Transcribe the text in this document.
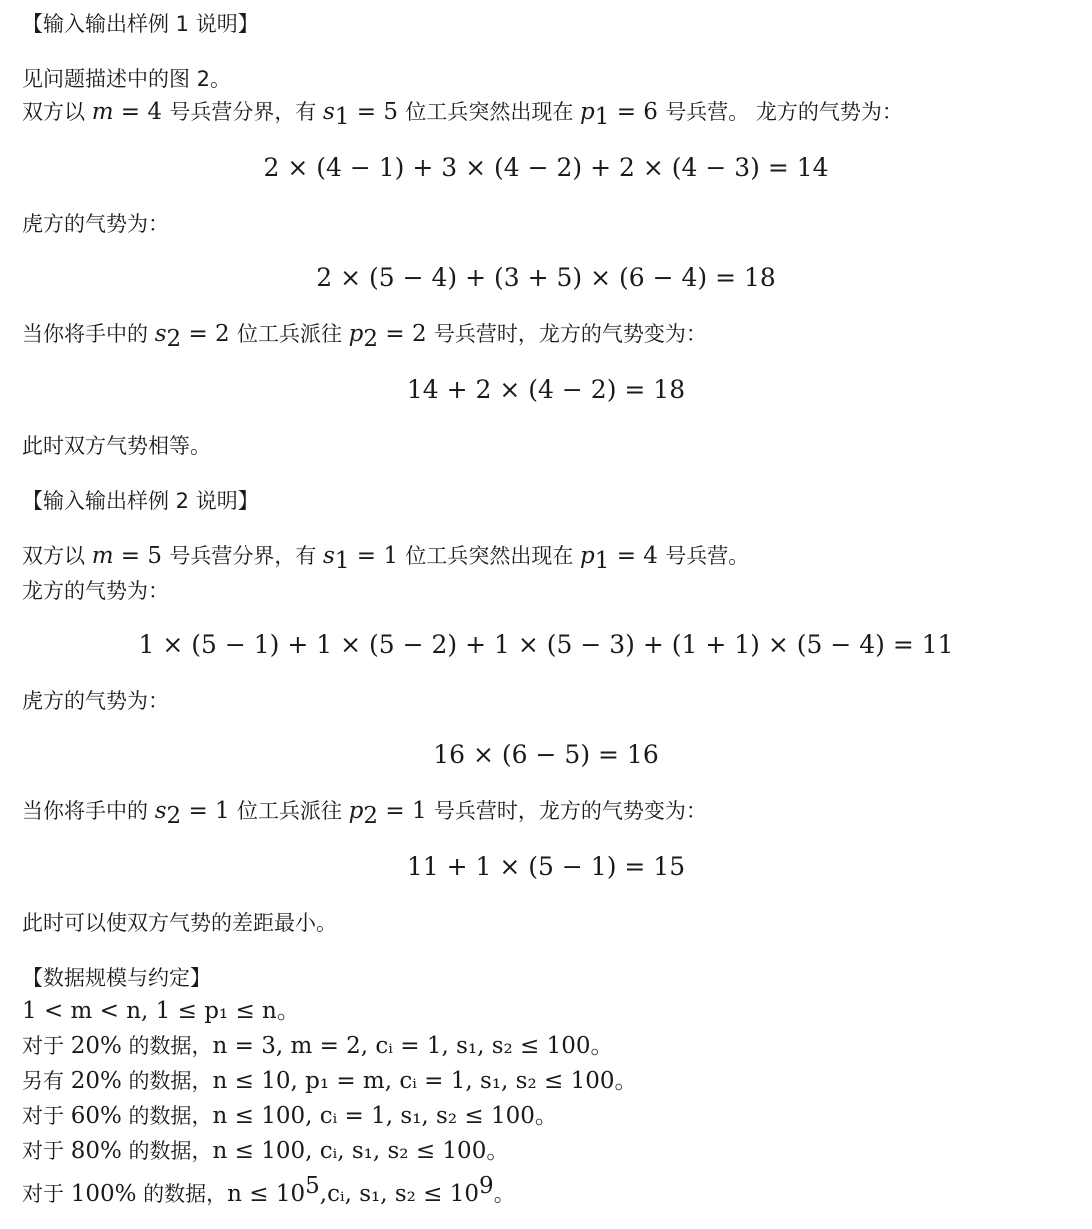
【输入输出样例 1 说明】
见问题描述中的图 2。
双方以 m = 4 号兵营分界，有 $s_1 = 5$ 位工兵突然出现在 $p_1 = 6$ 号兵营。 龙方的气势为：
2 × (4 − 1) + 3 × (4 − 2) + 2 × (4 − 3) = 14
虎方的气势为：
2 × (5 − 4) + (3 + 5) × (6 − 4) = 18
当你将手中的 $s_2 = 2$ 位工兵派往 $p_2 = 2$ 号兵营时，龙方的气势变为：
14 + 2 × (4 − 2) = 18
此时双方气势相等。
【输入输出样例 2 说明】
双方以 m = 5 号兵营分界，有 $s_1 = 1$ 位工兵突然出现在 $p_1 = 4$ 号兵营。
龙方的气势为：
1 × (5 − 1) + 1 × (5 − 2) + 1 × (5 − 3) + (1 + 1) × (5 − 4) = 11
虎方的气势为：
16 × (6 − 5) = 16
当你将手中的 $s_2 = 1$ 位工兵派往 $p_2 = 1$ 号兵营时，龙方的气势变为：
11 + 1 × (5 − 1) = 15
此时可以使双方气势的差距最小。
【数据规模与约定】
1 < m < n, 1 ≤ p₁ ≤ n。
对于 20% 的数据，n = 3, m = 2, cᵢ = 1, s₁, s₂ ≤ 100。
另有 20% 的数据，n ≤ 10, p₁ = m, cᵢ = 1, s₁, s₂ ≤ 100。
对于 60% 的数据，n ≤ 100, cᵢ = 1, s₁, s₂ ≤ 100。
对于 80% 的数据，n ≤ 100, cᵢ, s₁, s₂ ≤ 100。
对于 100% 的数据，$n \le 10^5,cᵢ$, s₁, $s_2 \le 10^9$。
